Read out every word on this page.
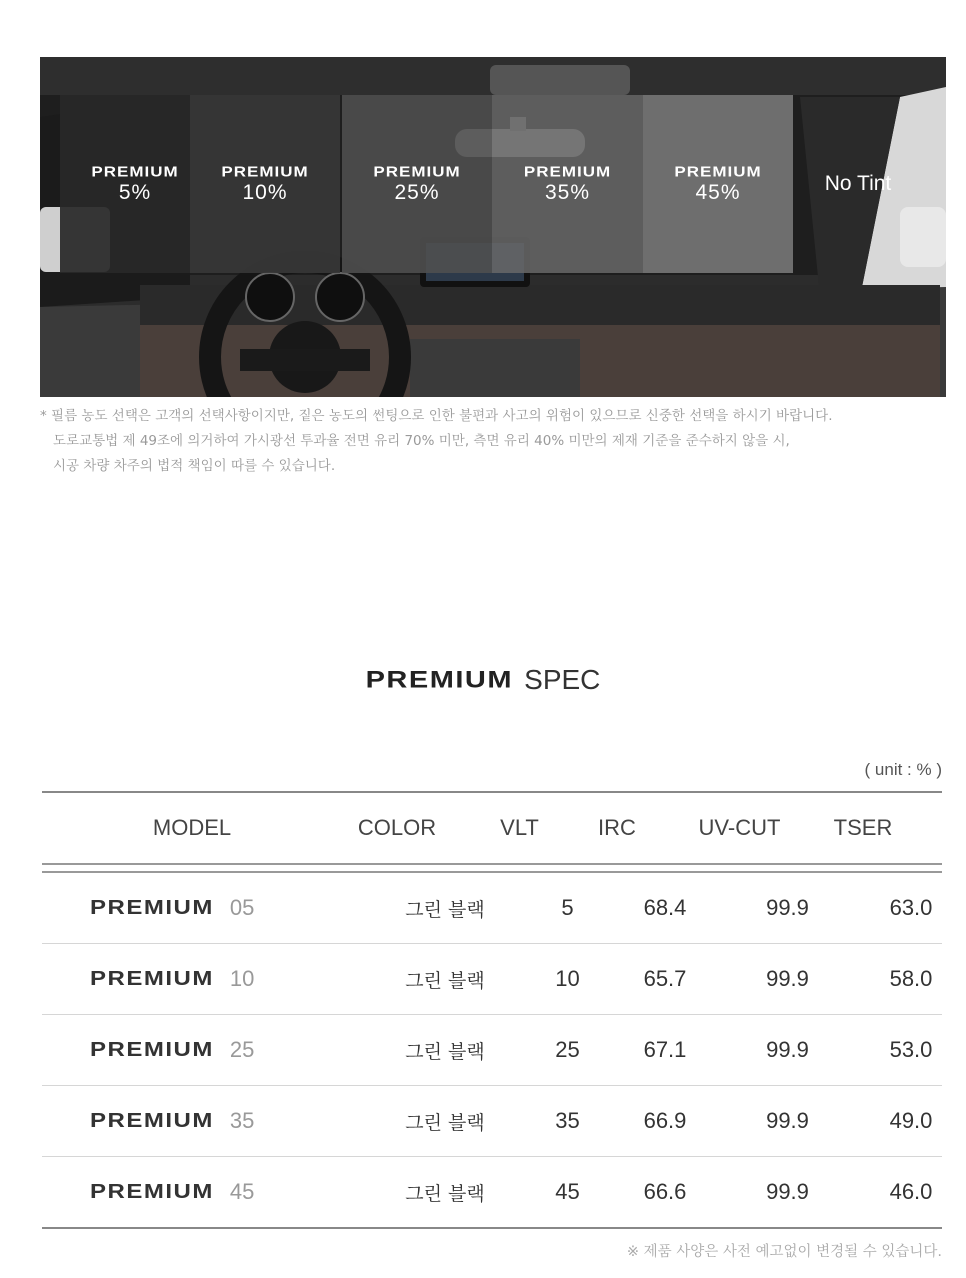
PREMIUM
5%
PREMIUM
10%
PREMIUM
25%
PREMIUM
35%
PREMIUM
45%	No Tint
* 필름 농도 선택은 고객의 선택사항이지만, 짙은 농도의 썬팅으로 인한 불편과 사고의 위험이 있으므로 신중한 선택을 하시기 바랍니다.
도로교통법 제 49조에 의거하여 가시광선 투과율 전면 유리 70% 미만, 측면 유리 40% 미만의 제재 기준을 준수하지 않을 시,
시공 차량 차주의 법적 책임이 따를 수 있습니다.
PREMIUM SPEC
( unit : % )
MODEL	COLOR	VLT	IRC	UV-CUT	TSER
PREMIUM 05	그린 블랙	5	68.4	99.9	63.0
PREMIUM 10	그린 블랙	10	65.7	99.9	58.0
PREMIUM 25	그린 블랙	25	67.1	99.9	53.0
PREMIUM 35	그린 블랙	35	66.9	99.9	49.0
PREMIUM 45	그린 블랙	45	66.6	99.9	46.0
※ 제품 사양은 사전 예고없이 변경될 수 있습니다.
